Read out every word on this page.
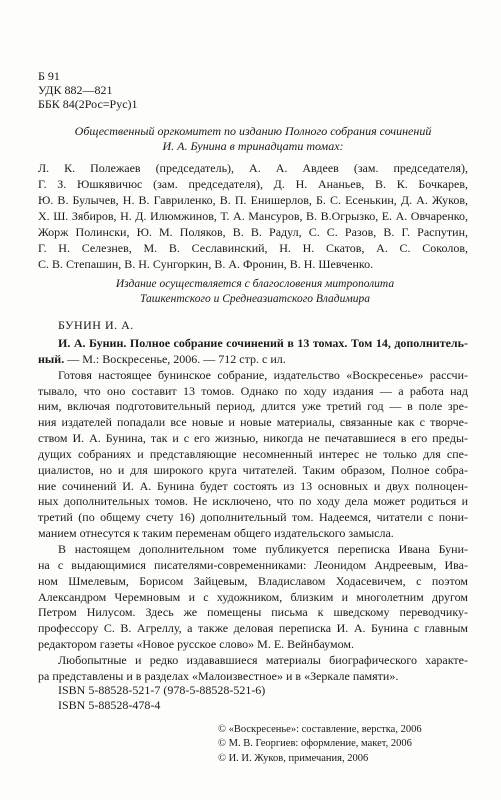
Б 91
УДК 882—821
ББК 84(2Рос=Рус)1
Общественный оргкомитет по изданию Полного собрания сочинений
И. А. Бунина в тринадцати томах:
Л. К. Полежаев (председатель), А. А. Авдеев (зам. председателя),
Г. З. Юшкявичюс (зам. председателя), Д. Н. Ананьев, В. К. Бочкарев,
Ю. В. Булычев, Н. В. Гавриленко, В. П. Енишерлов, Б. С. Есенькин, Д. А. Жуков,
Х. Ш. Зябиров, Н. Д. Илюмжинов, Т. А. Мансуров, В. В.Огрызко, Е. А. Овчаренко,
Жорж Полински, Ю. М. Поляков, В. В. Радул, С. С. Разов, В. Г. Распутин,
Г. Н. Селезнев, М. В. Сеславинский, Н. Н. Скатов, А. С. Соколов,
С. В. Степашин, В. Н. Сунгоркин, В. А. Фронин, В. Н. Шевченко.
Издание осуществляется с благословения митрополита
Ташкентского и Среднеазиатского Владимира
БУНИН И. А.
И. А. Бунин. Полное собрание сочинений в 13 томах. Том 14, дополнитель-
ный. — М.: Воскресенье, 2006. — 712 стр. с ил.
Готовя настоящее бунинское собрание, издательство «Воскресенье» рассчи-
тывало, что оно составит 13 томов. Однако по ходу издания — а работа над
ним, включая подготовительный период, длится уже третий год — в поле зре-
ния издателей попадали все новые и новые материалы, связанные как с творче-
ством И. А. Бунина, так и с его жизнью, никогда не печатавшиеся в его преды-
дущих собраниях и представляющие несомненный интерес не только для спе-
циалистов, но и для широкого круга читателей. Таким образом, Полное собра-
ние сочинений И. А. Бунина будет состоять из 13 основных и двух полноцен-
ных дополнительных томов. Не исключено, что по ходу дела может родиться и
третий (по общему счету 16) дополнительный том. Надеемся, читатели с пони-
манием отнесутся к таким переменам общего издательского замысла.
В настоящем дополнительном томе публикуется переписка Ивана Буни-
на с выдающимися писателями-современниками: Леонидом Андреевым, Ива-
ном Шмелевым, Борисом Зайцевым, Владиславом Ходасевичем, с поэтом
Александром Черемновым и с художником, близким и многолетним другом
Петром Нилусом. Здесь же помещены письма к шведскому переводчику-
профессору С. В. Агреллу, а также деловая переписка И. А. Бунина с главным
редактором газеты «Новое русское слово» М. Е. Вейнбаумом.
Любопытные и редко издававшиеся материалы биографического характе-
ра представлены и в разделах «Малоизвестное» и в «Зеркале памяти».
ISBN 5-88528-521-7 (978-5-88528-521-6)
ISBN 5-88528-478-4
© «Воскресенье»: составление, верстка, 2006
© М. В. Георгиев: оформление, макет, 2006
© И. И. Жуков, примечания, 2006
